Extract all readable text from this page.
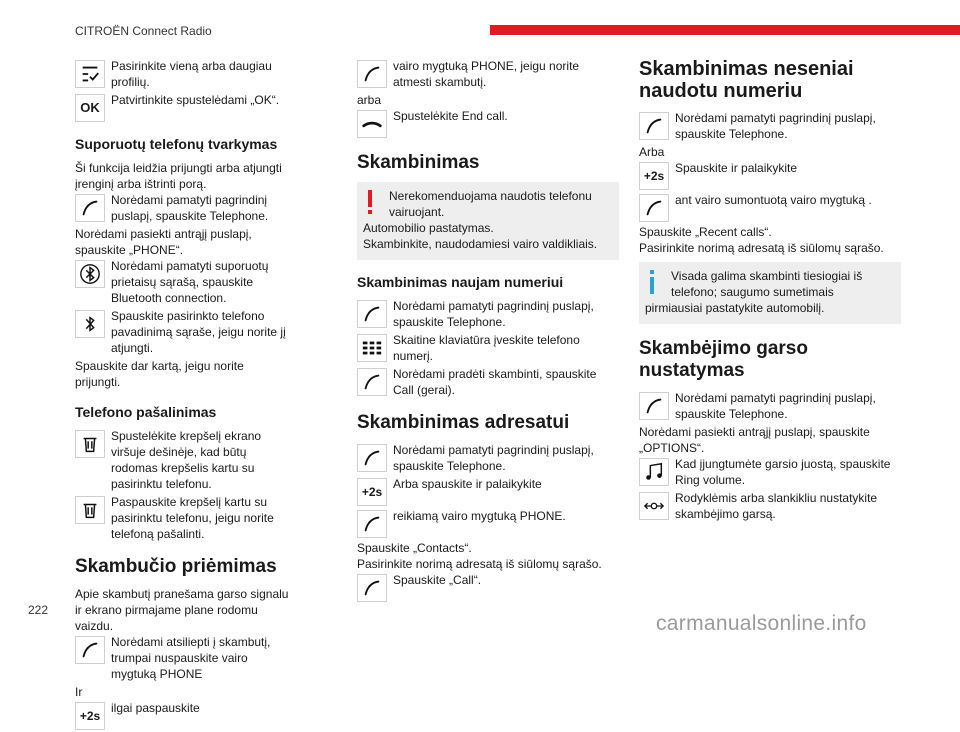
CITROËN Connect Radio
222
carmanualsonline.info

Pasirinkite vieną arba daugiau profilių.

OK Patvirtinkite spustelėdami „OK“.

Suporuotų telefonų tvarkymas

Ši funkcija leidžia prijungti arba atjungti įrenginį arba ištrinti porą.

Norėdami pamatyti pagrindinį puslapį, spauskite Telephone.

Norėdami pasiekti antrąjį puslapį, spauskite „PHONE“.

Norėdami pamatyti suporuotų prietaisų sąrašą, spauskite Bluetooth connection.

Spauskite pasirinkto telefono pavadinimą sąraše, jeigu norite jį atjungti.

Spauskite dar kartą, jeigu norite prijungti.

Telefono pašalinimas

Spustelėkite krepšelį ekrano viršuje dešinėje, kad būtų rodomas krepšelis kartu su pasirinktu telefonu.

Paspauskite krepšelį kartu su pasirinktu telefonu, jeigu norite telefoną pašalinti.

Skambučio priėmimas

Apie skambutį pranešama garso signalu ir ekrano pirmajame plane rodomu vaizdu.

Norėdami atsiliepti į skambutį, trumpai nuspauskite vairo mygtuką PHONE

Ir

+2s

ilgai paspauskite

vairo mygtuką PHONE, jeigu norite atmesti skambutį.

arba

Spustelėkite End call.

Skambinimas

Nerekomenduojama naudotis telefonu vairuojant.

Automobilio pastatymas.

Skambinkite, naudodamiesi vairo valdikliais.

Skambinimas naujam numeriui

Norėdami pamatyti pagrindinį puslapį, spauskite Telephone.

Skaitine klaviatūra įveskite telefono numerį.

Norėdami pradėti skambinti, spauskite Call (gerai).

Skambinimas adresatui

Norėdami pamatyti pagrindinį puslapį, spauskite Telephone.

+2s

Arba spauskite ir palaikykite

reikiamą vairo mygtuką PHONE.

Spauskite „Contacts“.

Pasirinkite norimą adresatą iš siūlomų sąrašo.

Spauskite „Call“.

Skambinimas neseniai naudotu numeriu

Norėdami pamatyti pagrindinį puslapį, spauskite Telephone.

Arba

+2s

Spauskite ir palaikykite

ant vairo sumontuotą vairo mygtuką .

Spauskite „Recent calls“.

Pasirinkite norimą adresatą iš siūlomų sąrašo.

Visada galima skambinti tiesiogiai iš telefono; saugumo sumetimais

pirmiausiai pastatykite automobilį.

Skambėjimo garso nustatymas

Norėdami pamatyti pagrindinį puslapį, spauskite Telephone.

Norėdami pasiekti antrąjį puslapį, spauskite „OPTIONS“.

Kad įjungtumėte garsio juostą, spauskite Ring volume.

Rodyklėmis arba slankikliu nustatykite skambėjimo garsą.
